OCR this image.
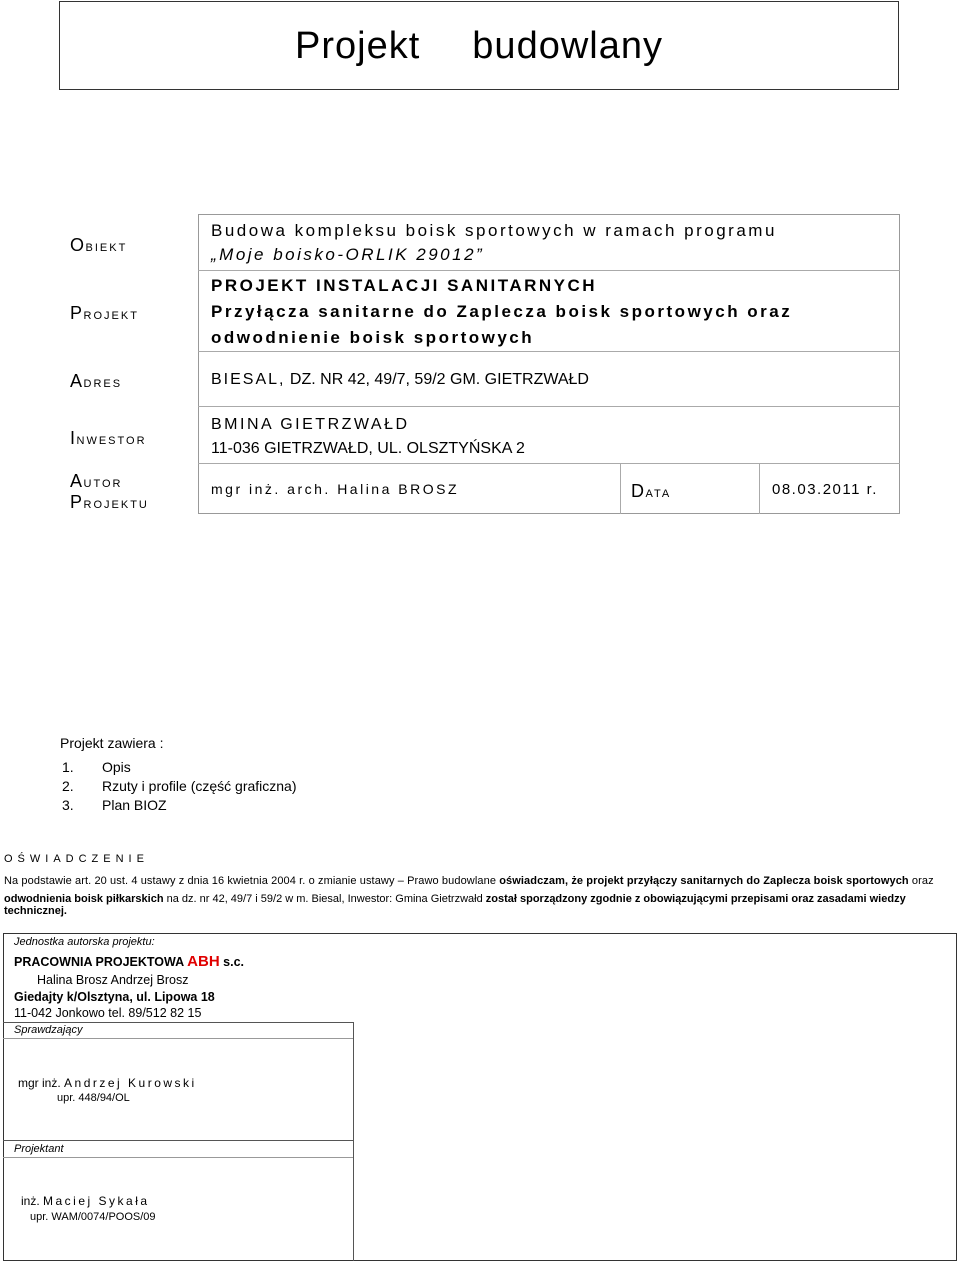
Projekt budowlany
OBIEKT
PROJEKT
ADRES
INWESTOR
AUTOR
PROJEKTU
Budowa kompleksu boisk sportowych w ramach programu
„Moje boisko-ORLIK 29012”
PROJEKT INSTALACJI SANITARNYCH
Przyłącza sanitarne do Zaplecza boisk sportowych oraz
odwodnienie boisk sportowych
BIESAL, DZ. NR 42, 49/7, 59/2 GM. GIETRZWAŁD
BMINA GIETRZWAŁD
11-036 GIETRZWAŁD, UL. OLSZTYŃSKA 2
mgr inż. arch. Halina BROSZ	DATA	08.03.2011 r.
Projekt zawiera :
1. Opis
2. Rzuty i profile (część graficzna)
3. Plan BIOZ
OŚWIADCZENIE
Na podstawie art. 20 ust. 4 ustawy z dnia 16 kwietnia 2004 r. o zmianie ustawy – Prawo budowlane oświadczam, że projekt przyłączy sanitarnych do Zaplecza boisk sportowych oraz
odwodnienia boisk piłkarskich na dz. nr 42, 49/7 i 59/2 w m. Biesal, Inwestor: Gmina Gietrzwałd został sporządzony zgodnie z obowiązującymi przepisami oraz zasadami wiedzy technicznej.
Jednostka autorska projektu:
PRACOWNIA PROJEKTOWA ABH s.c.
Halina Brosz Andrzej Brosz
Giedajty k/Olsztyna, ul. Lipowa 18
11-042 Jonkowo tel. 89/512 82 15
Sprawdzający
mgr inż. Andrzej Kurowski
upr. 448/94/OL
Projektant
inż. Maciej Sykała
upr. WAM/0074/POOS/09
